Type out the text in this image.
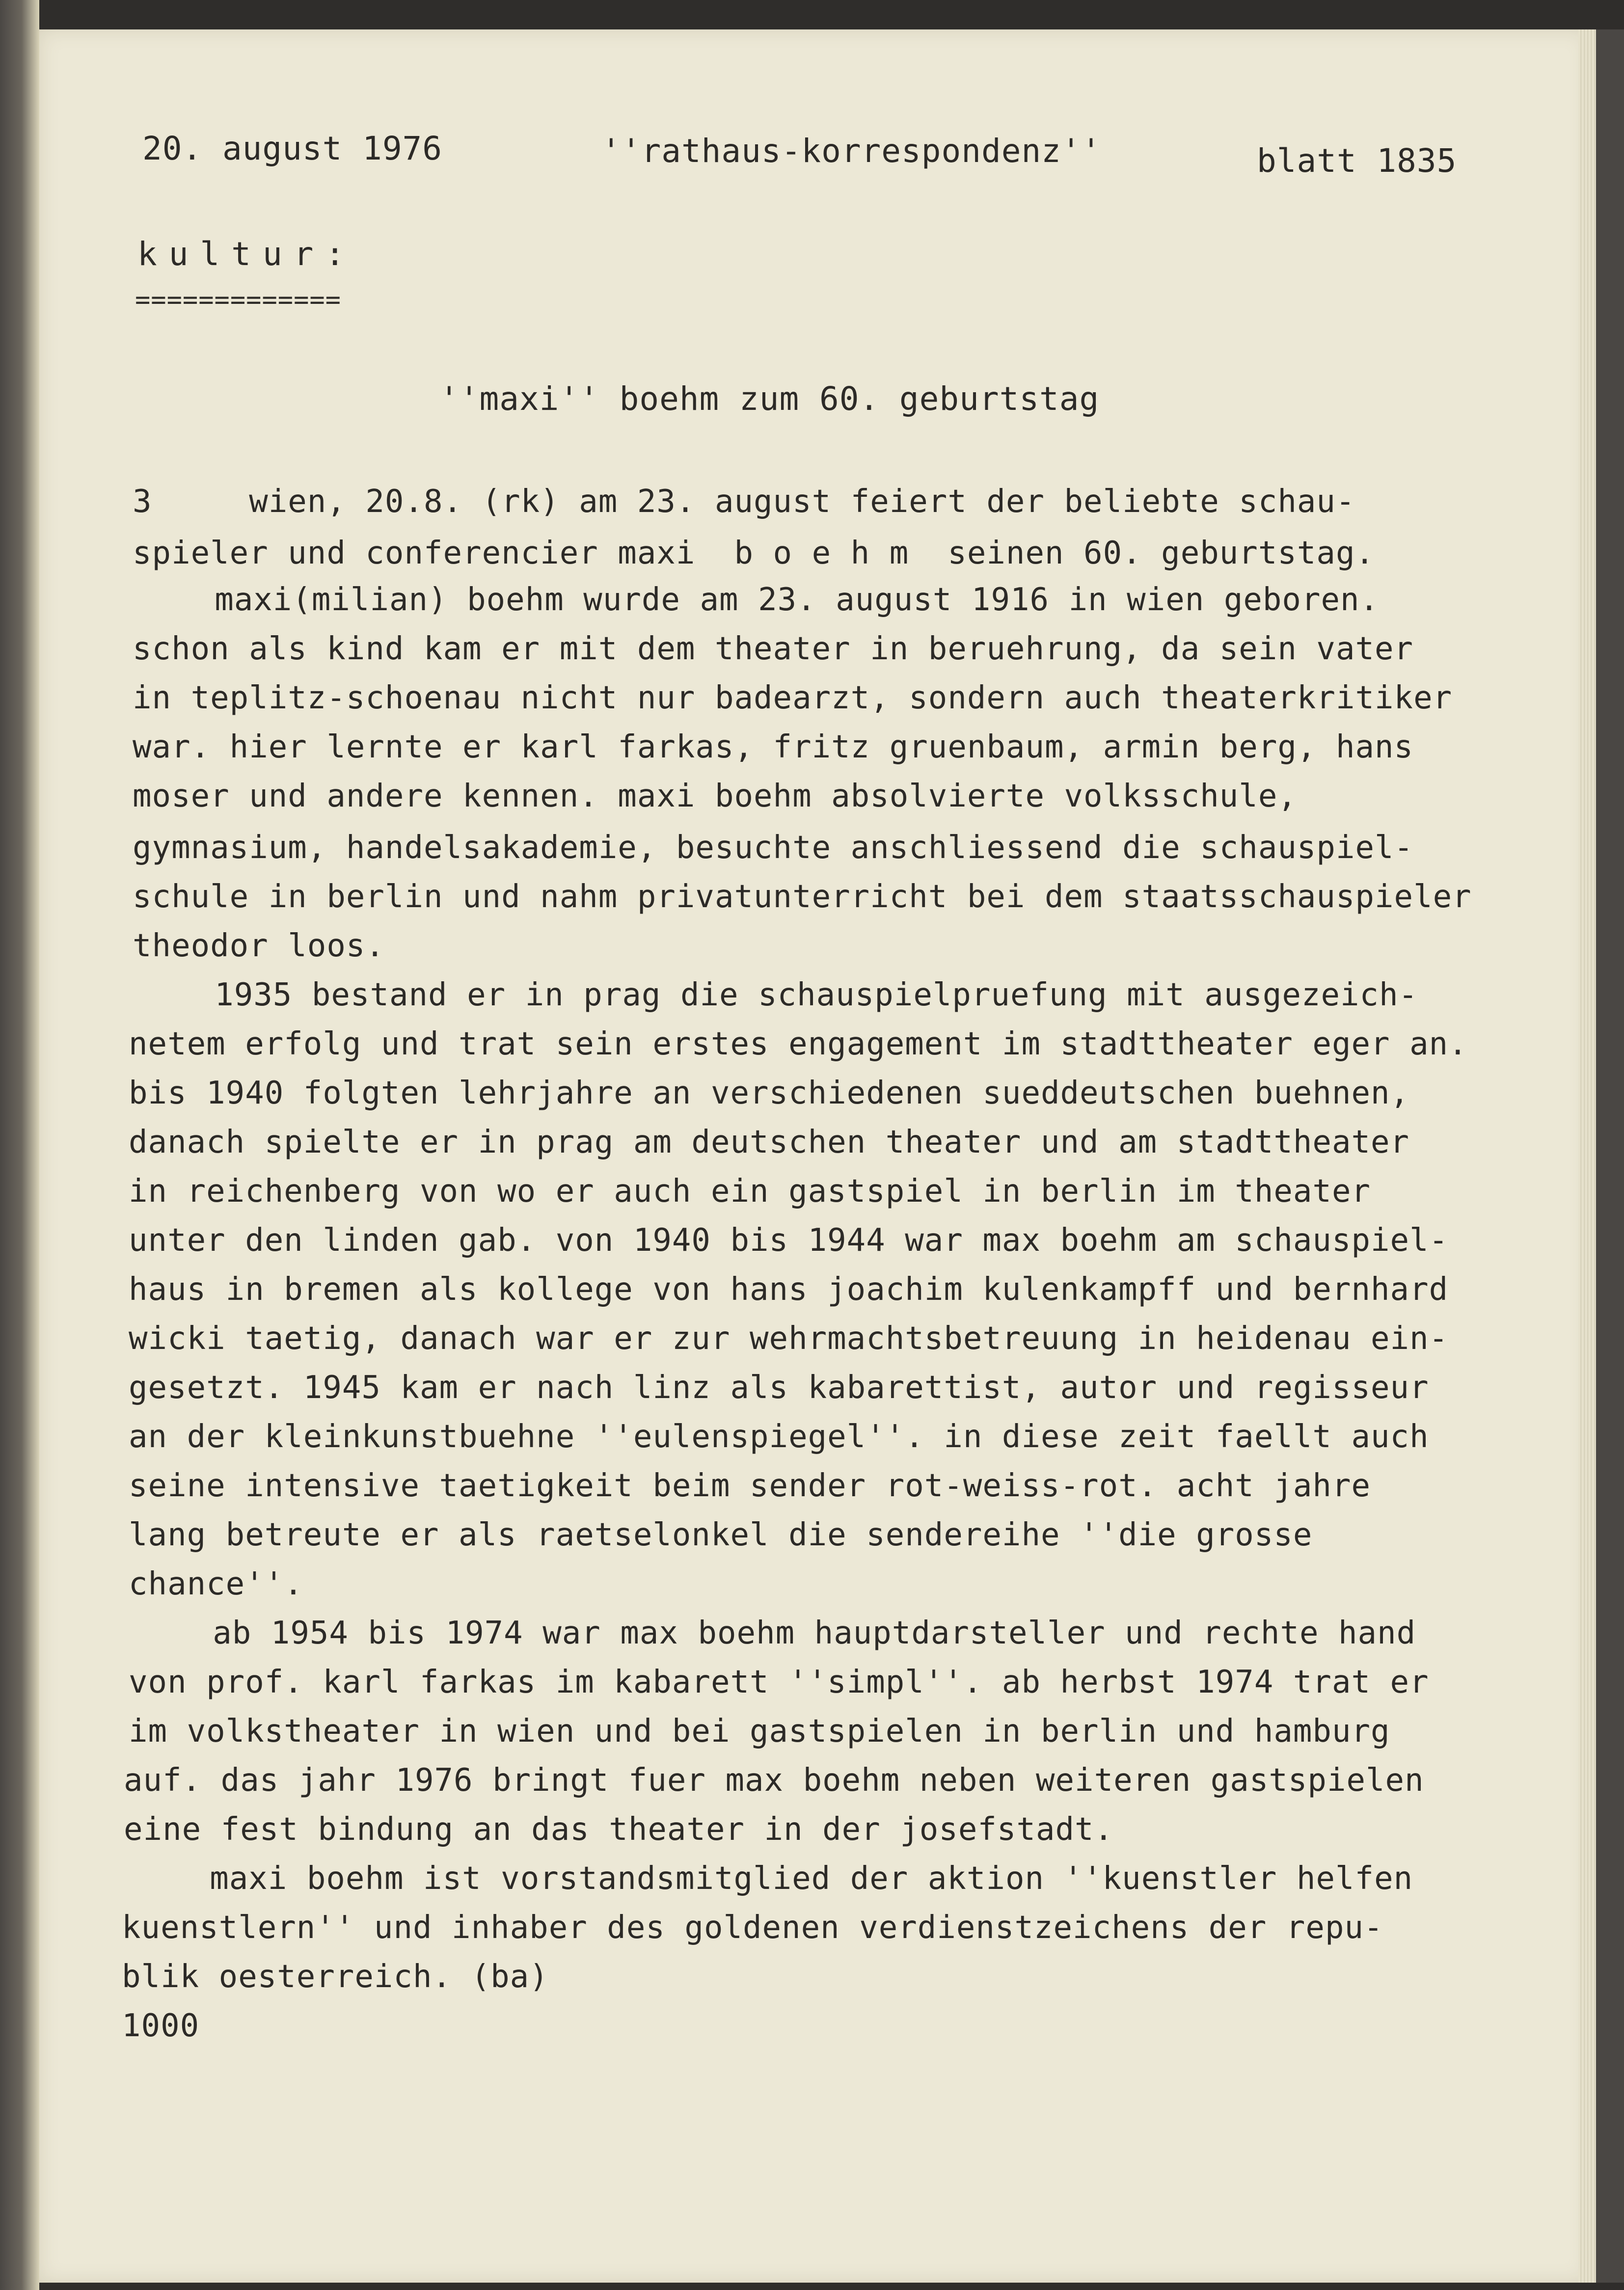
20. august 1976	''rathaus-korrespondenz''	blatt 1835
kultur:
=============
''maxi'' boehm zum 60. geburtstag
3     wien, 20.8. (rk) am 23. august feiert der beliebte schau-
spieler und conferencier maxi  b o e h m  seinen 60. geburtstag.
maxi(milian) boehm wurde am 23. august 1916 in wien geboren.
schon als kind kam er mit dem theater in beruehrung, da sein vater
in teplitz-schoenau nicht nur badearzt, sondern auch theaterkritiker
war. hier lernte er karl farkas, fritz gruenbaum, armin berg, hans
moser und andere kennen. maxi boehm absolvierte volksschule,
gymnasium, handelsakademie, besuchte anschliessend die schauspiel-
schule in berlin und nahm privatunterricht bei dem staatsschauspieler
theodor loos.
1935 bestand er in prag die schauspielpruefung mit ausgezeich-
netem erfolg und trat sein erstes engagement im stadttheater eger an.
bis 1940 folgten lehrjahre an verschiedenen sueddeutschen buehnen,
danach spielte er in prag am deutschen theater und am stadttheater
in reichenberg von wo er auch ein gastspiel in berlin im theater
unter den linden gab. von 1940 bis 1944 war max boehm am schauspiel-
haus in bremen als kollege von hans joachim kulenkampff und bernhard
wicki taetig, danach war er zur wehrmachtsbetreuung in heidenau ein-
gesetzt. 1945 kam er nach linz als kabarettist, autor und regisseur
an der kleinkunstbuehne ''eulenspiegel''. in diese zeit faellt auch
seine intensive taetigkeit beim sender rot-weiss-rot. acht jahre
lang betreute er als raetselonkel die sendereihe ''die grosse
chance''.
ab 1954 bis 1974 war max boehm hauptdarsteller und rechte hand
von prof. karl farkas im kabarett ''simpl''. ab herbst 1974 trat er
im volkstheater in wien und bei gastspielen in berlin und hamburg
auf. das jahr 1976 bringt fuer max boehm neben weiteren gastspielen
eine fest bindung an das theater in der josefstadt.
maxi boehm ist vorstandsmitglied der aktion ''kuenstler helfen
kuenstlern'' und inhaber des goldenen verdienstzeichens der repu-
blik oesterreich. (ba)
1000
